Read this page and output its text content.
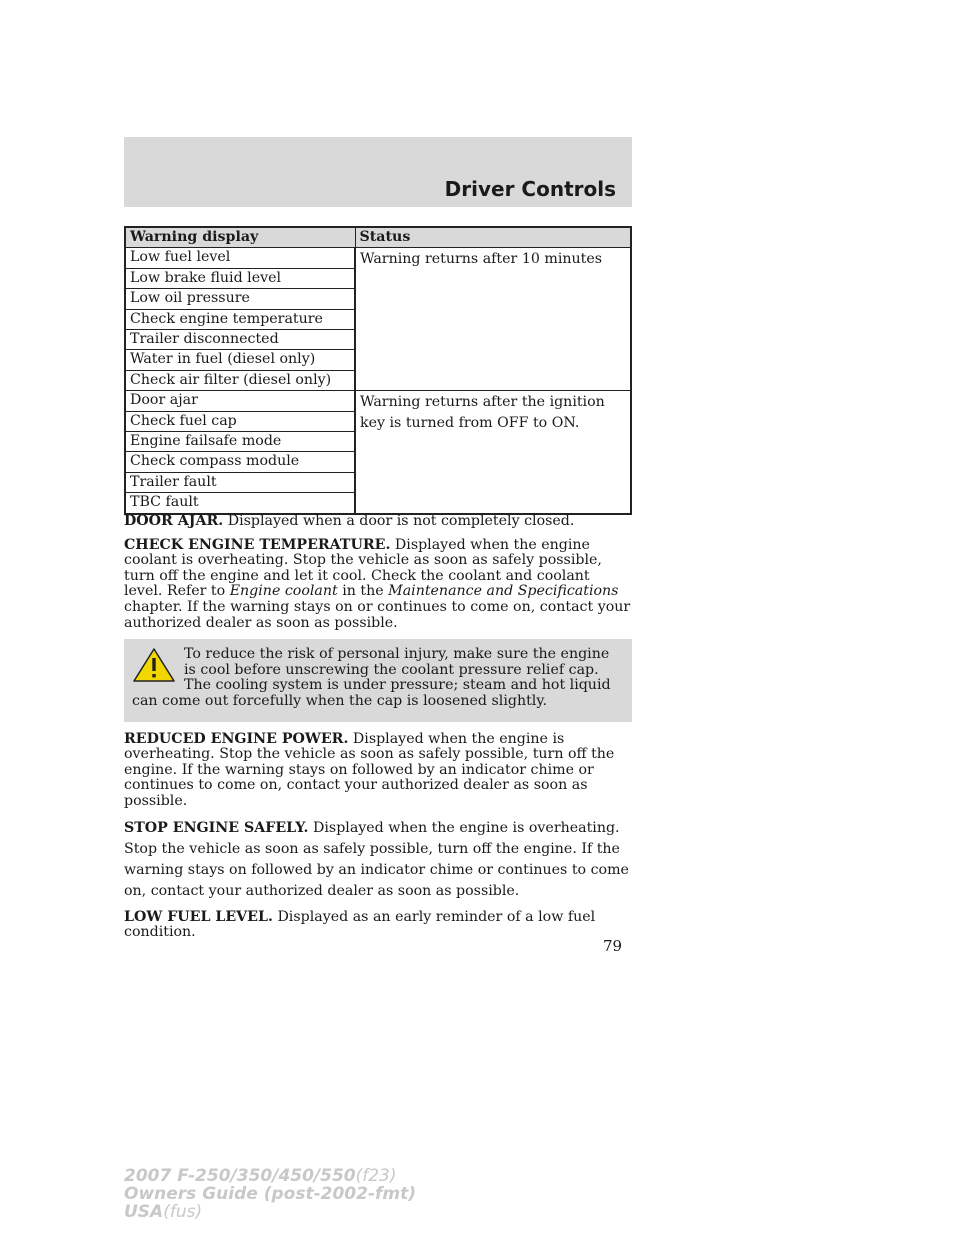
Driver Controls
Warning display	Status
Low fuel level	Warning returns after 10 minutes
Low brake fluid level	
Low oil pressure	
Check engine temperature	
Trailer disconnected	
Water in fuel (diesel only)	
Check air filter (diesel only)	
Door ajar	Warning returns after the ignition key is turned from OFF to ON.
Check fuel cap	
Engine failsafe mode	
Check compass module	
Trailer fault	
TBC fault	

DOOR AJAR. Displayed when a door is not completely closed.

CHECK ENGINE TEMPERATURE. Displayed when the engine coolant is overheating. Stop the vehicle as soon as safely possible, turn off the engine and let it cool. Check the coolant and coolant level. Refer to Engine coolant in the Maintenance and Specifications chapter. If the warning stays on or continues to come on, contact your authorized dealer as soon as possible.

To reduce the risk of personal injury, make sure the engine is cool before unscrewing the coolant pressure relief cap. The cooling system is under pressure; steam and hot liquid can come out forcefully when the cap is loosened slightly.

REDUCED ENGINE POWER. Displayed when the engine is overheating. Stop the vehicle as soon as safely possible, turn off the engine. If the warning stays on followed by an indicator chime or continues to come on, contact your authorized dealer as soon as possible.

STOP ENGINE SAFELY. Displayed when the engine is overheating. Stop the vehicle as soon as safely possible, turn off the engine. If the warning stays on followed by an indicator chime or continues to come on, contact your authorized dealer as soon as possible.

LOW FUEL LEVEL. Displayed as an early reminder of a low fuel condition.

79
2007 F-250/350/450/550(f23)
Owners Guide (post-2002-fmt)
USA(fus)
